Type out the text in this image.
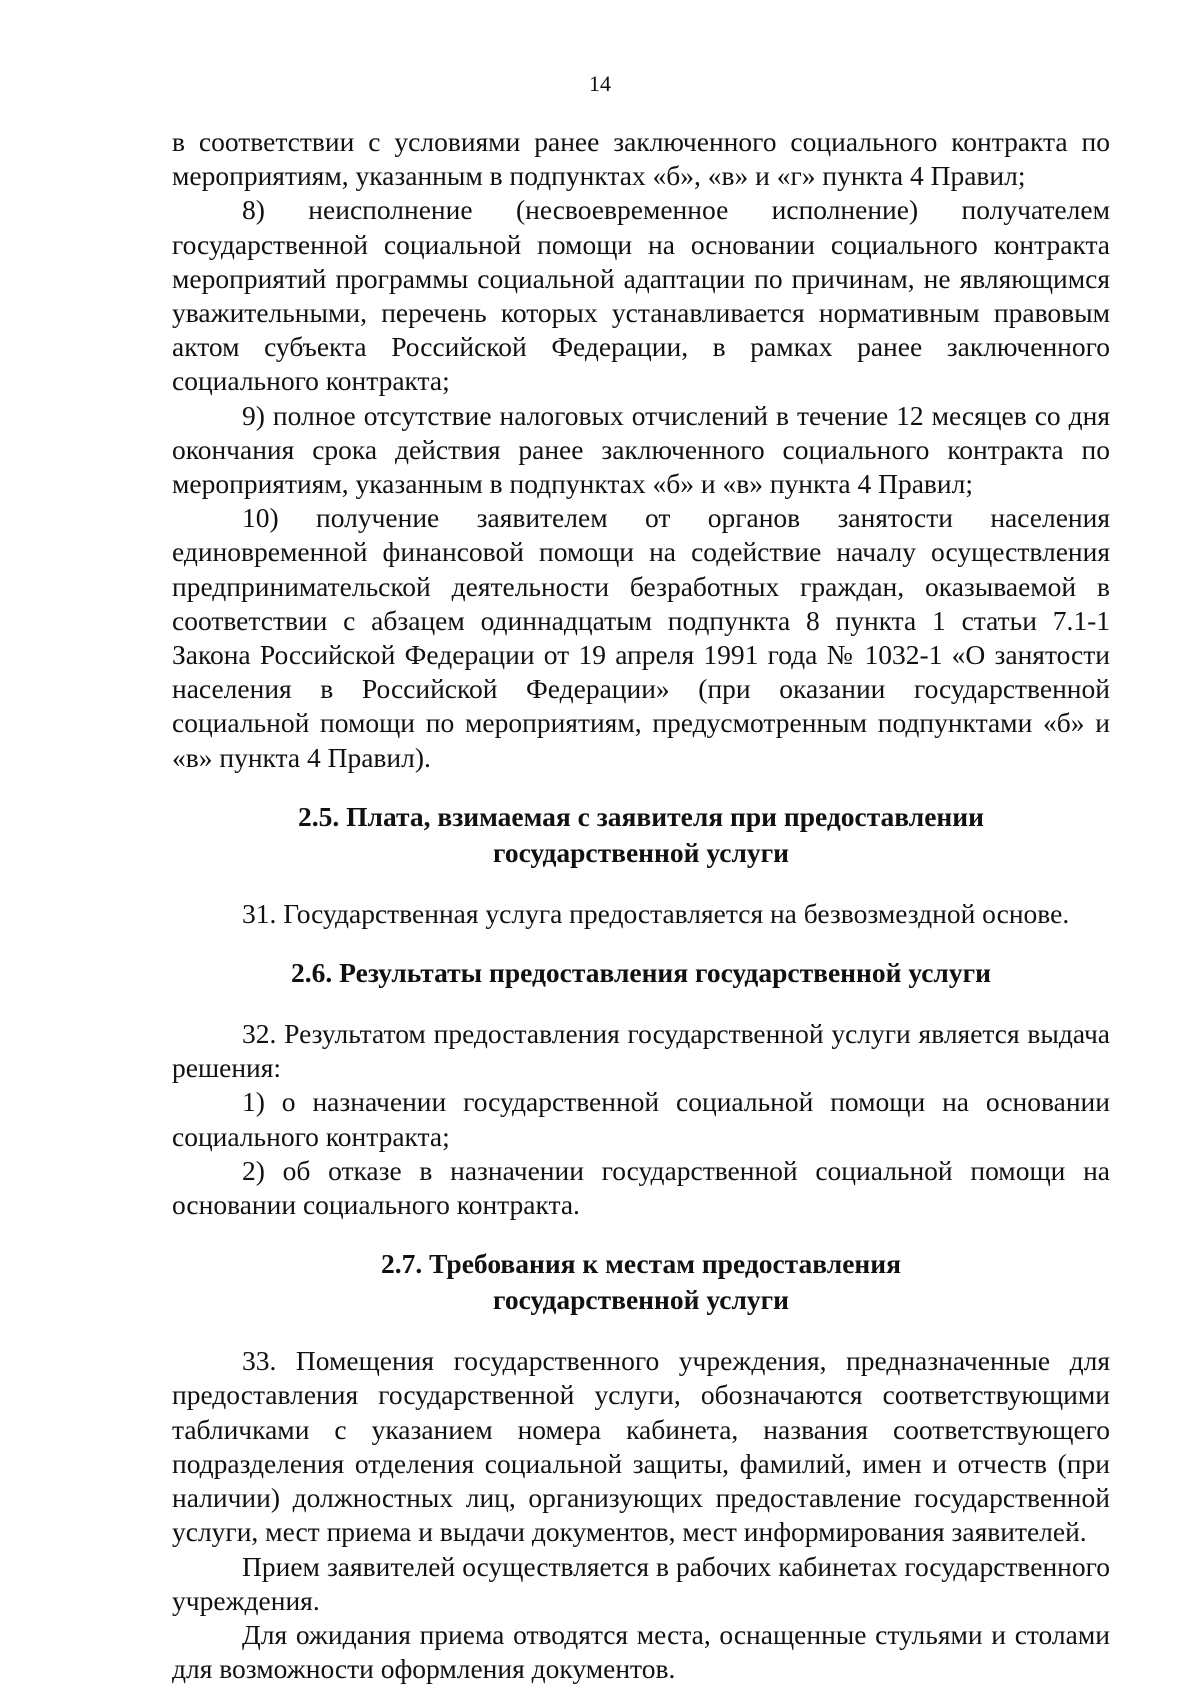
14

в соответствии с условиями ранее заключенного социального контракта по мероприятиям, указанным в подпунктах «б», «в» и «г» пункта 4 Правил;

8) неисполнение (несвоевременное исполнение) получателем государственной социальной помощи на основании социального контракта мероприятий программы социальной адаптации по причинам, не являющимся уважительными, перечень которых устанавливается нормативным правовым актом субъекта Российской Федерации, в рамках ранее заключенного социального контракта;

9) полное отсутствие налоговых отчислений в течение 12 месяцев со дня окончания срока действия ранее заключенного социального контракта по мероприятиям, указанным в подпунктах «б» и «в» пункта 4 Правил;

10) получение заявителем от органов занятости населения единовременной финансовой помощи на содействие началу осуществления предпринимательской деятельности безработных граждан, оказываемой в соответствии с абзацем одиннадцатым подпункта 8 пункта 1 статьи 7.1-1 Закона Российской Федерации от 19 апреля 1991 года № 1032-1 «О занятости населения в Российской Федерации» (при оказании государственной социальной помощи по мероприятиям, предусмотренным подпунктами «б» и «в» пункта 4 Правил).

2.5. Плата, взимаемая с заявителя при предоставлении
государственной услуги

31. Государственная услуга предоставляется на безвозмездной основе.

2.6. Результаты предоставления государственной услуги

32. Результатом предоставления государственной услуги является выдача решения:

1) о назначении государственной социальной помощи на основании социального контракта;

2) об отказе в назначении государственной социальной помощи на основании социального контракта.

2.7. Требования к местам предоставления
государственной услуги

33. Помещения государственного учреждения, предназначенные для предоставления государственной услуги, обозначаются соответствующими табличками с указанием номера кабинета, названия соответствующего подразделения отделения социальной защиты, фамилий, имен и отчеств (при наличии) должностных лиц, организующих предоставление государственной услуги, мест приема и выдачи документов, мест информирования заявителей.

Прием заявителей осуществляется в рабочих кабинетах государственного учреждения.

Для ожидания приема отводятся места, оснащенные стульями и столами для возможности оформления документов.
